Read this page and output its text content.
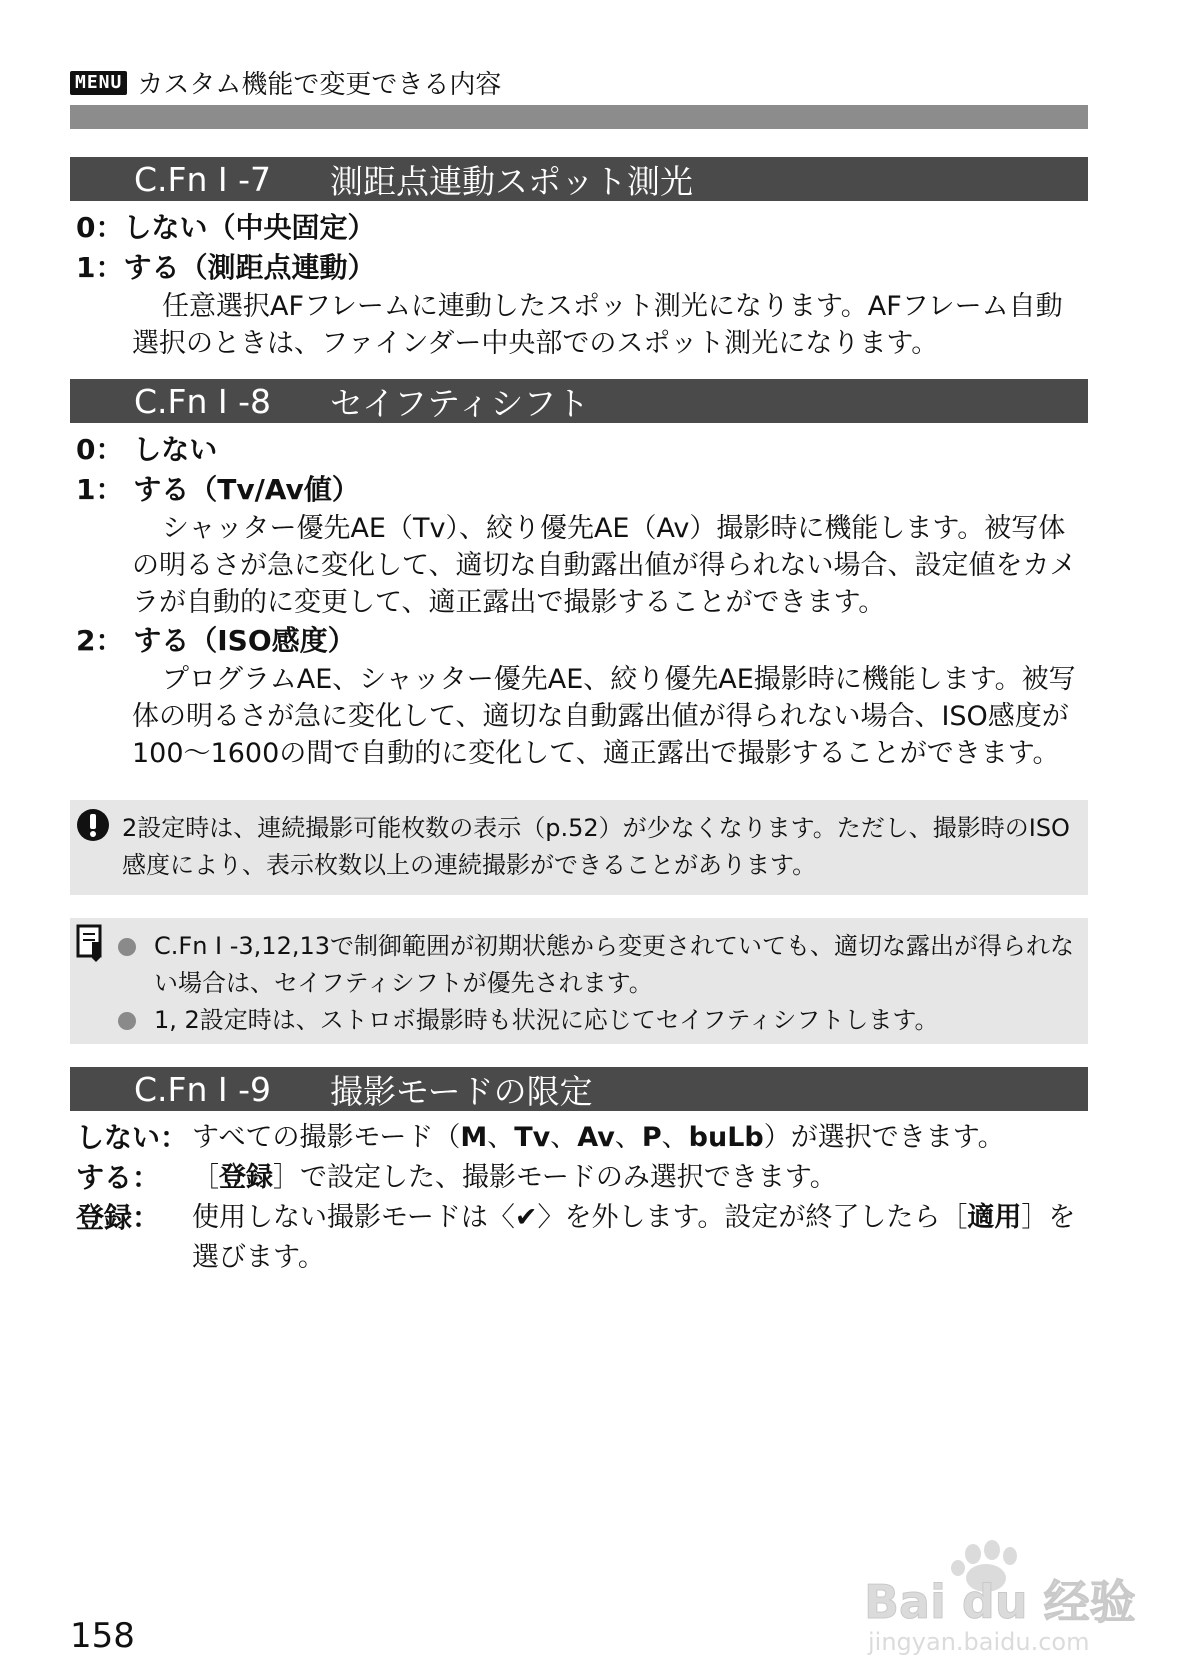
MENU カスタム機能で変更できる内容
C.Fn I -7	測距点連動スポット測光
0：しない（中央固定）
1：する（測距点連動）
任意選択AFフレームに連動したスポット測光になります。AFフレーム自動選択のときは、ファインダー中央部でのスポット測光になります。
C.Fn I -8	セイフティシフト
0： しない
1： する（Tv/Av値）
シャッター優先AE（Tv）、絞り優先AE（Av）撮影時に機能します。被写体の明るさが急に変化して、適切な自動露出値が得られない場合、設定値をカメラが自動的に変更して、適正露出で撮影することができます。
2： する（ISO感度）
プログラムAE、シャッター優先AE、絞り優先AE撮影時に機能します。被写体の明るさが急に変化して、適切な自動露出値が得られない場合、ISO感度が100～1600の間で自動的に変化して、適正露出で撮影することができます。
2設定時は、連続撮影可能枚数の表示（p.52）が少なくなります。ただし、撮影時のISO感度により、表示枚数以上の連続撮影ができることがあります。
C.Fn I -3,12,13で制御範囲が初期状態から変更されていても、適切な露出が得られない場合は、セイフティシフトが優先されます。
1, 2設定時は、ストロボ撮影時も状況に応じてセイフティシフトします。
C.Fn I -9	撮影モードの限定
しない： すべての撮影モード（M、Tv、Av、P、buLb）が選択できます。
する：	［登録］で設定した、撮影モードのみ選択できます。
登録：	使用しない撮影モードは〈✔〉を外します。設定が終了したら［適用］を選びます。
158
Bai du 经验
jingyan.baidu.com
